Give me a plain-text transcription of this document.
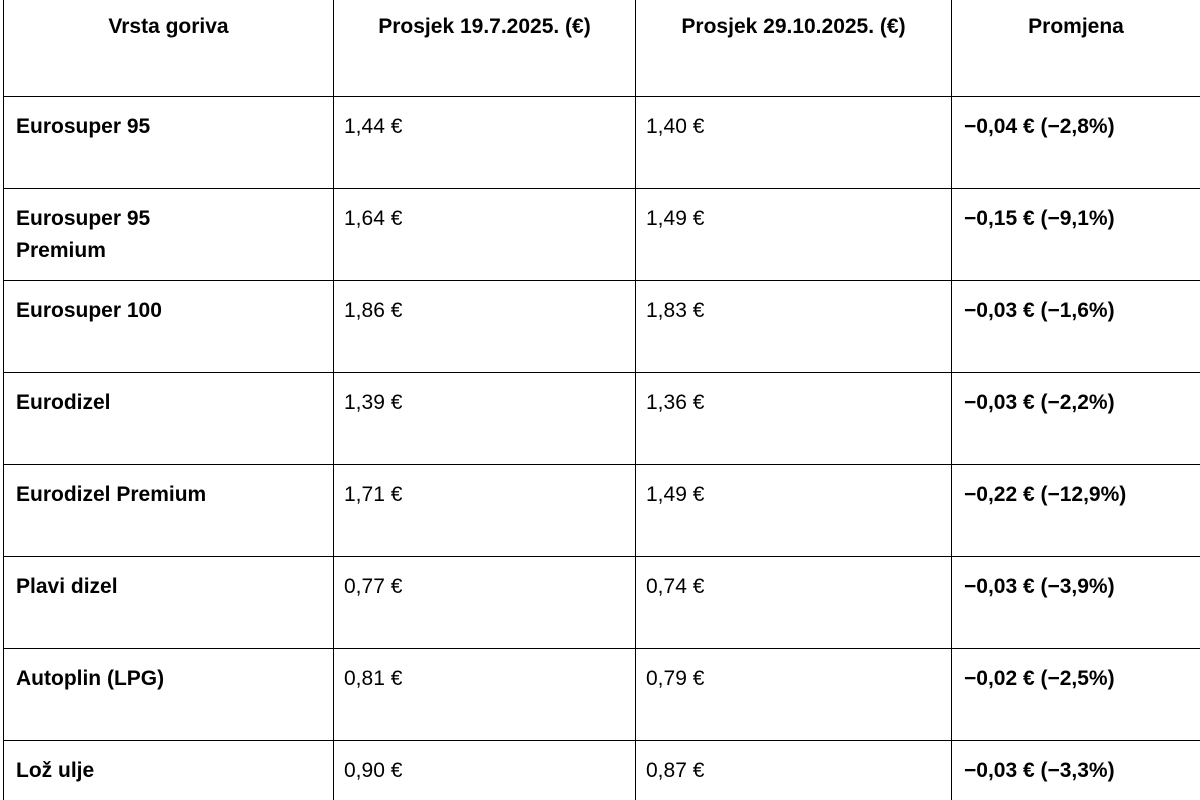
Vrsta goriva	Prosjek 19.7.2025. (€)	Prosjek 29.10.2025. (€)	Promjena

Eurosuper 95	1,44 €	1,40 €	−0,04 € (−2,8%)

Eurosuper 95 Premium	1,64 €	1,49 €	−0,15 € (−9,1%)
Eurosuper 100	1,86 €	1,83 €	−0,03 € (−1,6%)
Eurodizel	1,39 €	1,36 €	−0,03 € (−2,2%)
Eurodizel Premium	1,71 €	1,49 €	−0,22 € (−12,9%)
Plavi dizel	0,77 €	0,74 €	−0,03 € (−3,9%)
Autoplin (LPG)	0,81 €	0,79 €	−0,02 € (−2,5%)
Lož ulje	0,90 €	0,87 €	−0,03 € (−3,3%)
